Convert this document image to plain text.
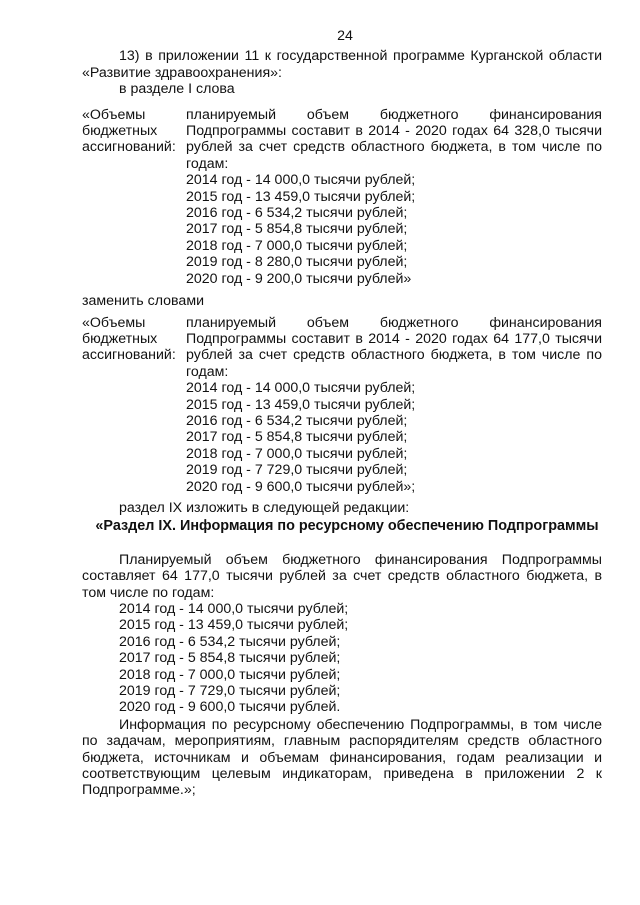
24

13) в приложении 11 к государственной программе Курганской области «Развитие здравоохранения»:

в разделе I слова

«Объемы
бюджетных
ассигнований:

планируемый объем бюджетного финансирования Подпрограммы составит в 2014 - 2020 годах 64 328,0 тысячи рублей за счет средств областного бюджета, в том числе по годам:

2014 год - 14 000,0 тысячи рублей;

2015 год - 13 459,0 тысячи рублей;

2016 год - 6 534,2 тысячи рублей;

2017 год - 5 854,8 тысячи рублей;

2018 год - 7 000,0 тысячи рублей;

2019 год - 8 280,0 тысячи рублей;

2020 год - 9 200,0 тысячи рублей»

заменить словами

«Объемы
бюджетных
ассигнований:

планируемый объем бюджетного финансирования Подпрограммы составит в 2014 - 2020 годах 64 177,0 тысячи рублей за счет средств областного бюджета, в том числе по годам:

2014 год - 14 000,0 тысячи рублей;

2015 год - 13 459,0 тысячи рублей;

2016 год - 6 534,2 тысячи рублей;

2017 год - 5 854,8 тысячи рублей;

2018 год - 7 000,0 тысячи рублей;

2019 год - 7 729,0 тысячи рублей;

2020 год - 9 600,0 тысячи рублей»;

раздел IX изложить в следующей редакции:

«Раздел IX. Информация по ресурсному обеспечению Подпрограммы

Планируемый объем бюджетного финансирования Подпрограммы составляет 64 177,0 тысячи рублей за счет средств областного бюджета, в том числе по годам:

2014 год - 14 000,0 тысячи рублей;

2015 год - 13 459,0 тысячи рублей;

2016 год - 6 534,2 тысячи рублей;

2017 год - 5 854,8 тысячи рублей;

2018 год - 7 000,0 тысячи рублей;

2019 год - 7 729,0 тысячи рублей;

2020 год - 9 600,0 тысячи рублей.

Информация по ресурсному обеспечению Подпрограммы, в том числе по задачам, мероприятиям, главным распорядителям средств областного бюджета, источникам и объемам финансирования, годам реализации и соответствующим целевым индикаторам, приведена в приложении 2 к Подпрограмме.»;
